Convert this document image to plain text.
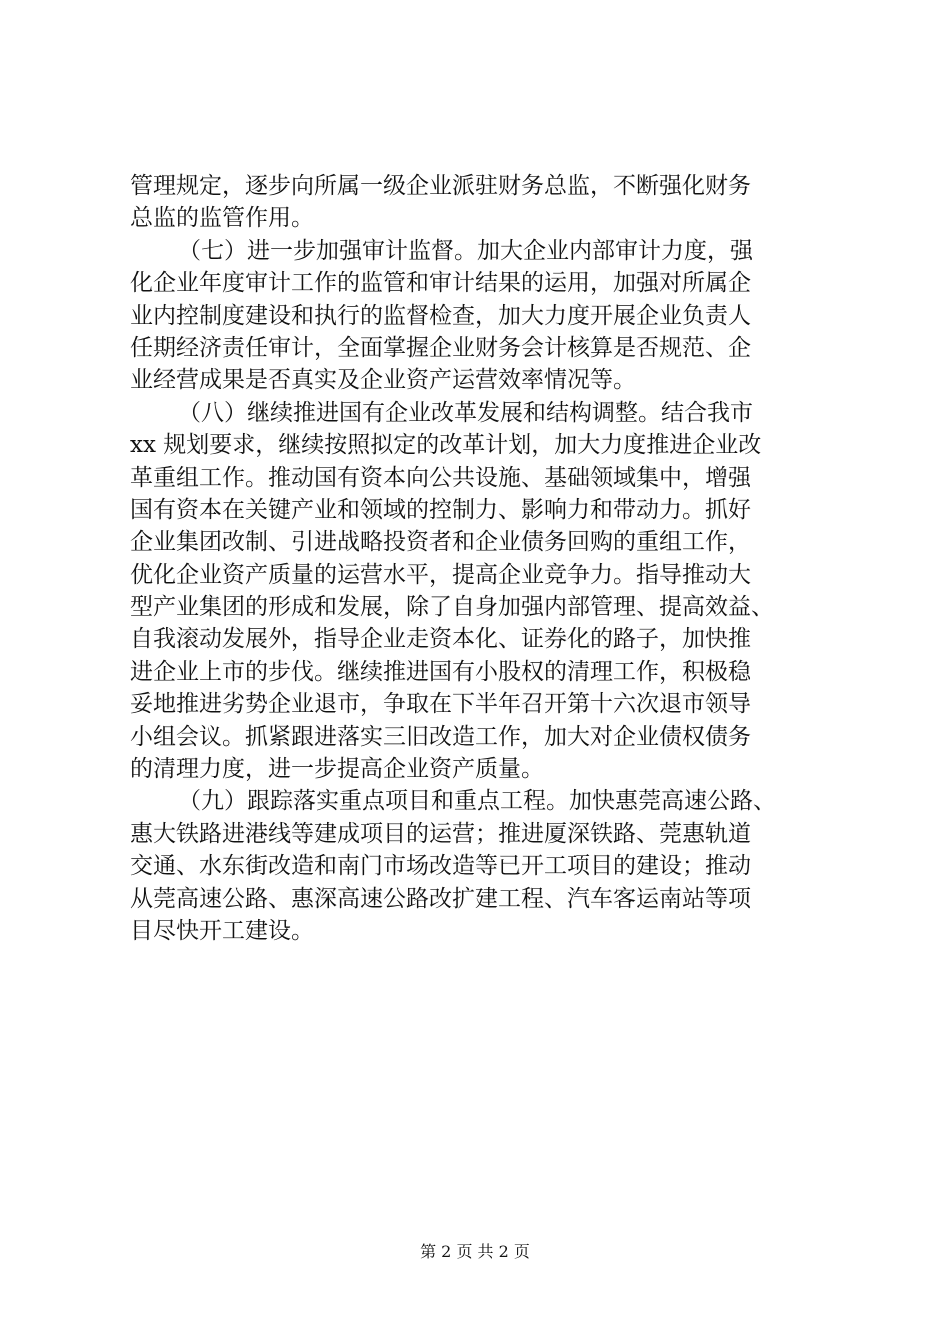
管理规定，逐步向所属一级企业派驻财务总监，不断强化财务
总监的监管作用。
（七）进一步加强审计监督。加大企业内部审计力度，强
化企业年度审计工作的监管和审计结果的运用，加强对所属企
业内控制度建设和执行的监督检查，加大力度开展企业负责人
任期经济责任审计，全面掌握企业财务会计核算是否规范、企
业经营成果是否真实及企业资产运营效率情况等。
（八）继续推进国有企业改革发展和结构调整。结合我市
xx 规划要求，继续按照拟定的改革计划，加大力度推进企业改
革重组工作。推动国有资本向公共设施、基础领域集中，增强
国有资本在关键产业和领域的控制力、影响力和带动力。抓好
企业集团改制、引进战略投资者和企业债务回购的重组工作，
优化企业资产质量的运营水平，提高企业竞争力。指导推动大
型产业集团的形成和发展，除了自身加强内部管理、提高效益、
自我滚动发展外，指导企业走资本化、证券化的路子，加快推
进企业上市的步伐。继续推进国有小股权的清理工作，积极稳
妥地推进劣势企业退市，争取在下半年召开第十六次退市领导
小组会议。抓紧跟进落实三旧改造工作，加大对企业债权债务
的清理力度，进一步提高企业资产质量。
（九）跟踪落实重点项目和重点工程。加快惠莞高速公路、
惠大铁路进港线等建成项目的运营；推进厦深铁路、莞惠轨道
交通、水东街改造和南门市场改造等已开工项目的建设；推动
从莞高速公路、惠深高速公路改扩建工程、汽车客运南站等项
目尽快开工建设。
第 2 页 共 2 页
